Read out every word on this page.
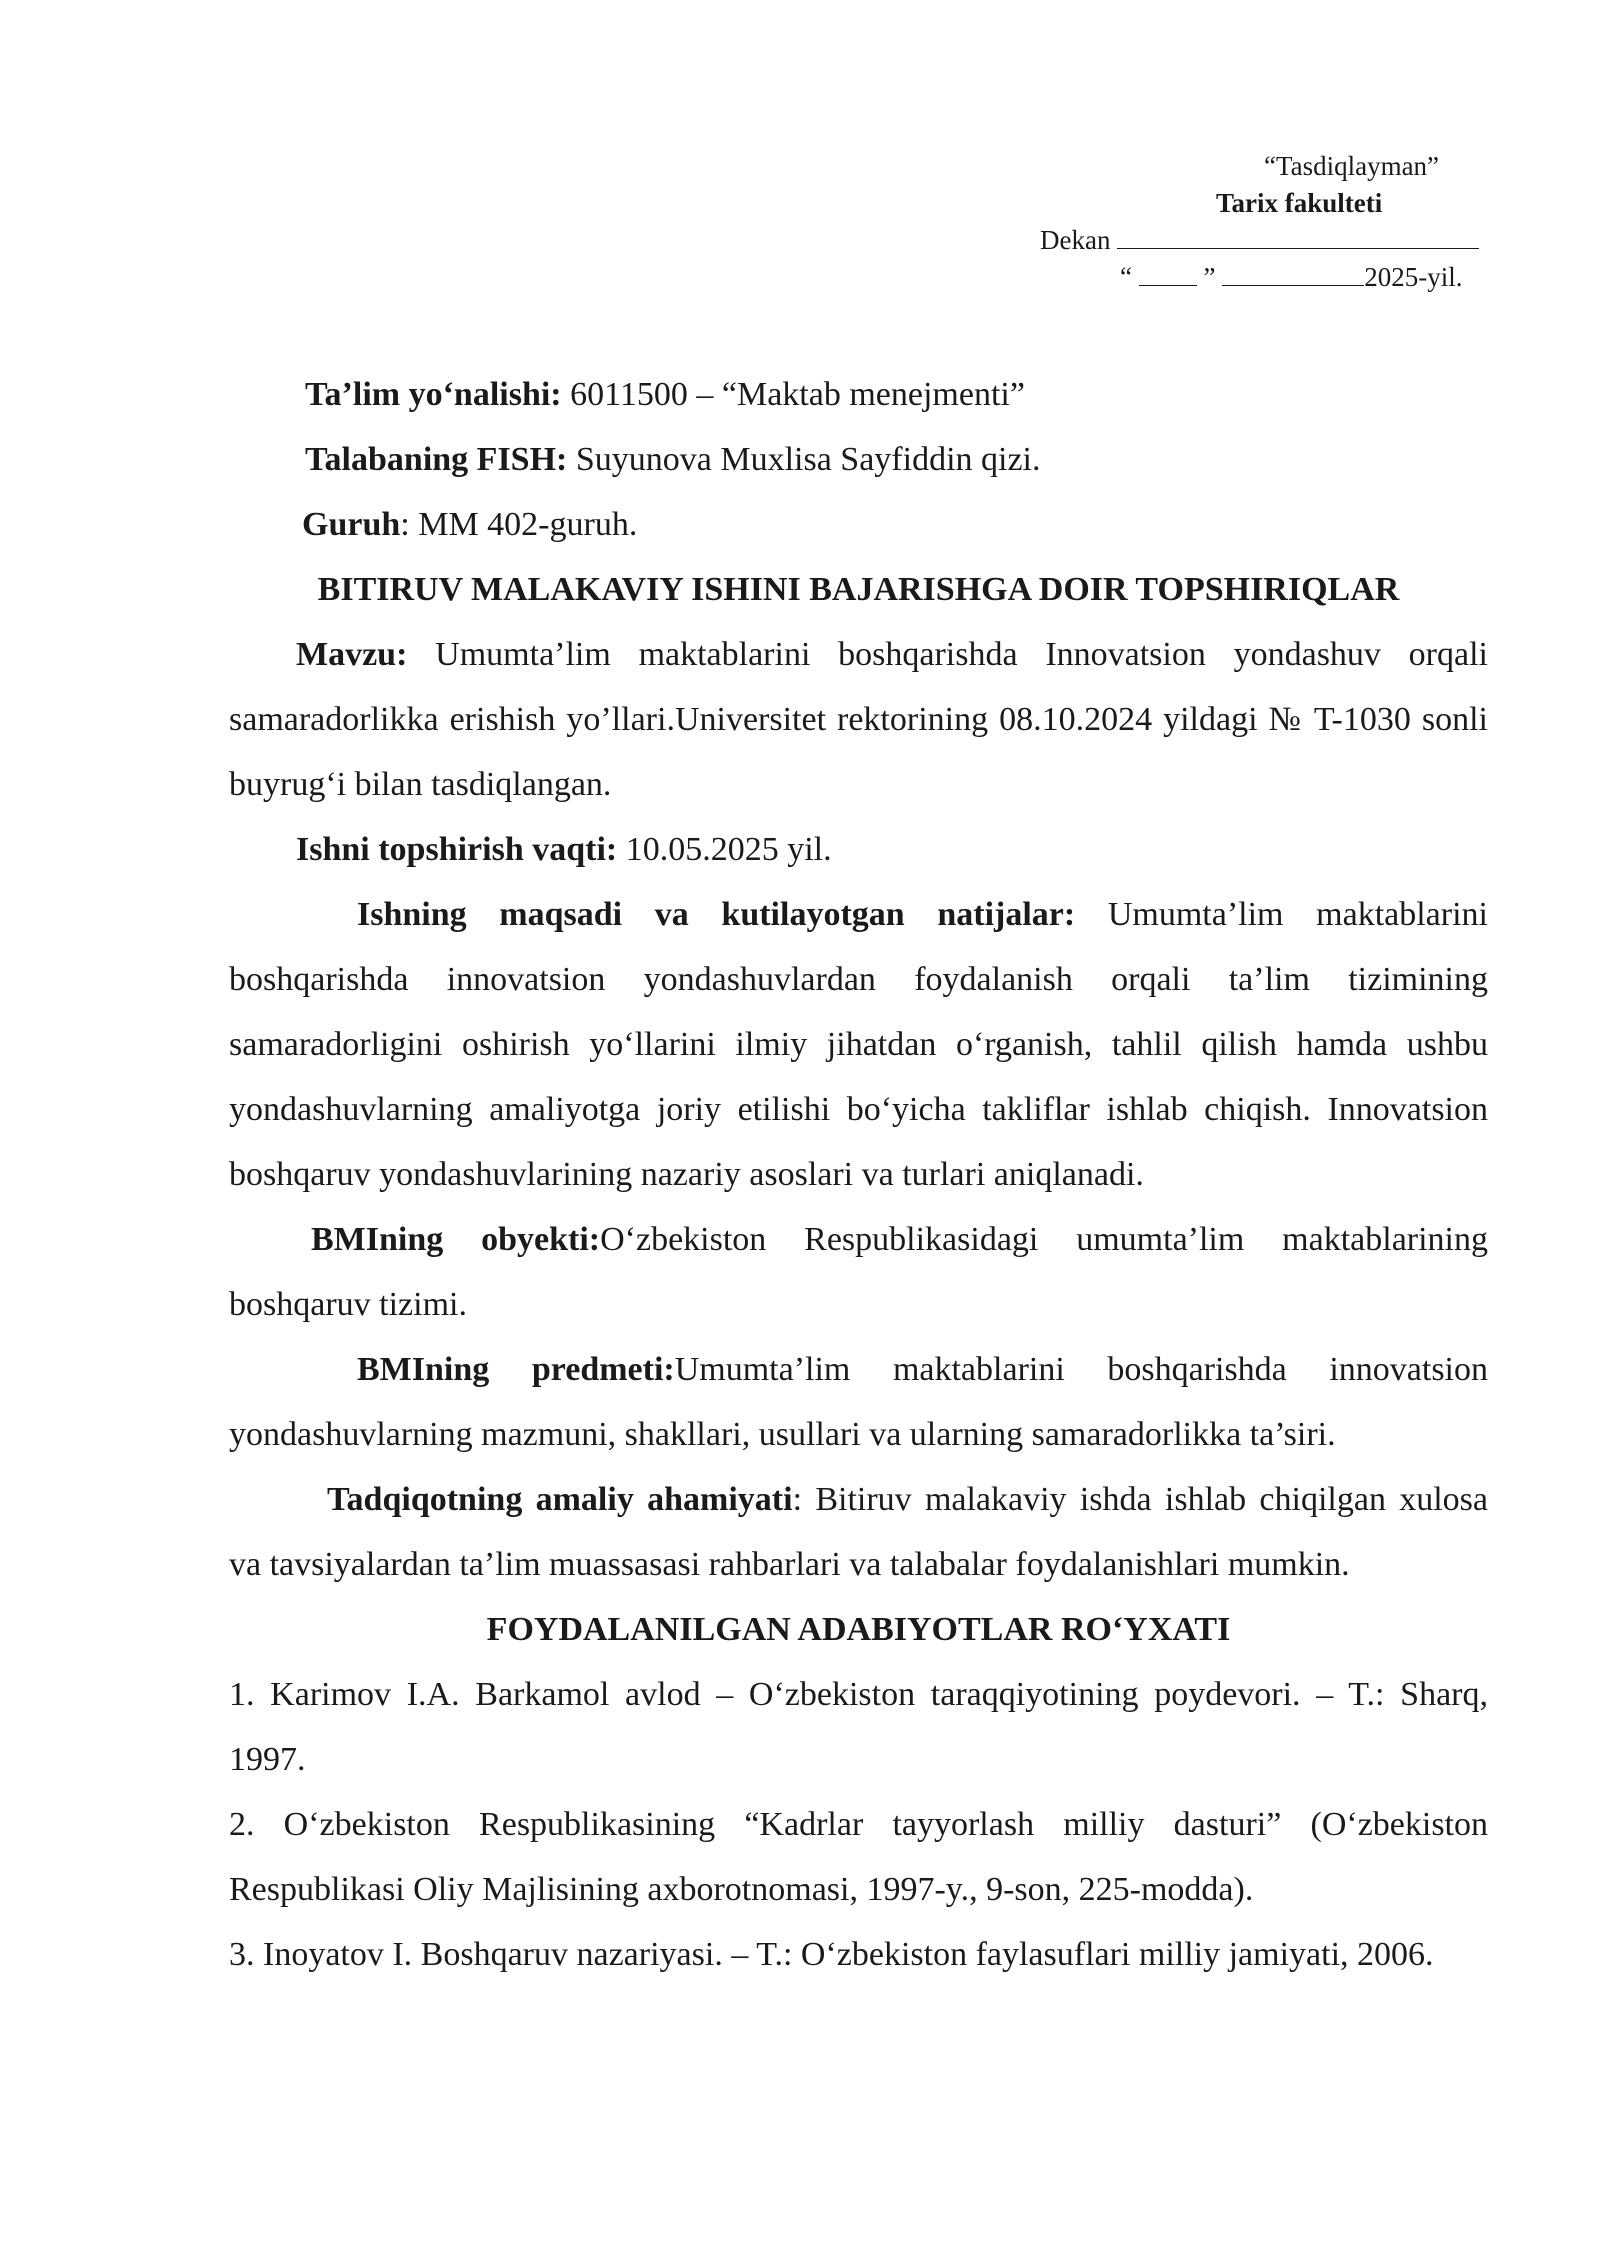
“Tasdiqlayman”
Tarix fakulteti
Dekan
“	”	2025-yil.

Ta’lim yo‘nalishi: 6011500 – “Maktab menejmenti”

Talabaning FISH: Suyunova Muxlisa Sayfiddin qizi.

Guruh: MM 402-guruh.

BITIRUV MALAKAVIY ISHINI BAJARISHGA DOIR TOPSHIRIQLAR

Mavzu: Umumta’lim maktablarini boshqarishda Innovatsion yondashuv orqali samaradorlikka erishish yo’llari.Universitet rektorining 08.10.2024 yildagi № T-1030 sonli buyrug‘i bilan tasdiqlangan.

Ishni topshirish vaqti: 10.05.2025 yil.

Ishning maqsadi va kutilayotgan natijalar: Umumta’lim maktablarini boshqarishda innovatsion yondashuvlardan foydalanish orqali ta’lim tizimining samaradorligini oshirish yo‘llarini ilmiy jihatdan o‘rganish, tahlil qilish hamda ushbu yondashuvlarning amaliyotga joriy etilishi bo‘yicha takliflar ishlab chiqish. Innovatsion boshqaruv yondashuvlarining nazariy asoslari va turlari aniqlanadi.

BMIning obyekti:O‘zbekiston Respublikasidagi umumta’lim maktablarining boshqaruv tizimi.

BMIning predmeti:Umumta’lim maktablarini boshqarishda innovatsion yondashuvlarning mazmuni, shakllari, usullari va ularning samaradorlikka ta’siri.

Tadqiqotning amaliy ahamiyati: Bitiruv malakaviy ishda ishlab chiqilgan xulosa va tavsiyalardan ta’lim muassasasi rahbarlari va talabalar foydalanishlari mumkin.

FOYDALANILGAN ADABIYOTLAR RO‘YXATI

1. Karimov I.A. Barkamol avlod – O‘zbekiston taraqqiyotining poydevori. – T.: Sharq, 1997.

2. O‘zbekiston Respublikasining “Kadrlar tayyorlash milliy dasturi” (O‘zbekiston Respublikasi Oliy Majlisining axborotnomasi, 1997-y., 9-son, 225-modda).

3. Inoyatov I. Boshqaruv nazariyasi. – T.: O‘zbekiston faylasuflari milliy jamiyati, 2006.
